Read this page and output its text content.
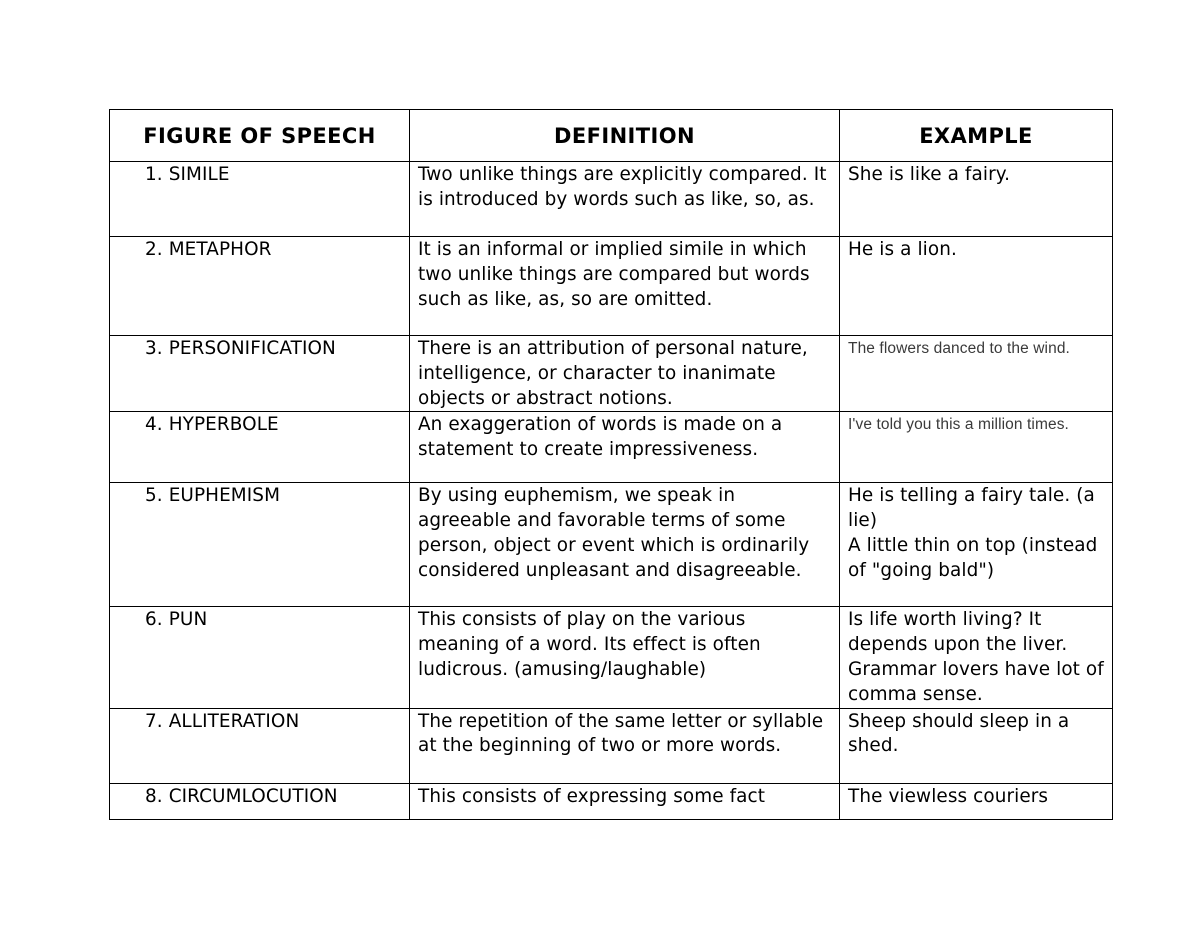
FIGURE OF SPEECH	DEFINITION	EXAMPLE
1. SIMILE	Two unlike things are explicitly compared. It is introduced by words such as like, so, as.	She is like a fairy.

2. METAPHOR	It is an informal or implied simile in which two unlike things are compared but words such as like, as, so are omitted.	He is a lion.

3. PERSONIFICATION	There is an attribution of personal nature, intelligence, or character to inanimate objects or abstract notions.	The flowers danced to the wind.

4. HYPERBOLE	An exaggeration of words is made on a statement to create impressiveness.	I've told you this a million times.

5. EUPHEMISM	By using euphemism, we speak in agreeable and favorable terms of some person, object or event which is ordinarily considered unpleasant and disagreeable.	He is telling a fairy tale. (a lie)
A little thin on top (instead of "going bald")

6. PUN	This consists of play on the various meaning of a word. Its effect is often ludicrous. (amusing/laughable)	Is life worth living? It depends upon the liver.
Grammar lovers have lot of comma sense.

7. ALLITERATION	The repetition of the same letter or syllable at the beginning of two or more words.	Sheep should sleep in a shed.

8. CIRCUMLOCUTION	This consists of expressing some fact	The viewless couriers
